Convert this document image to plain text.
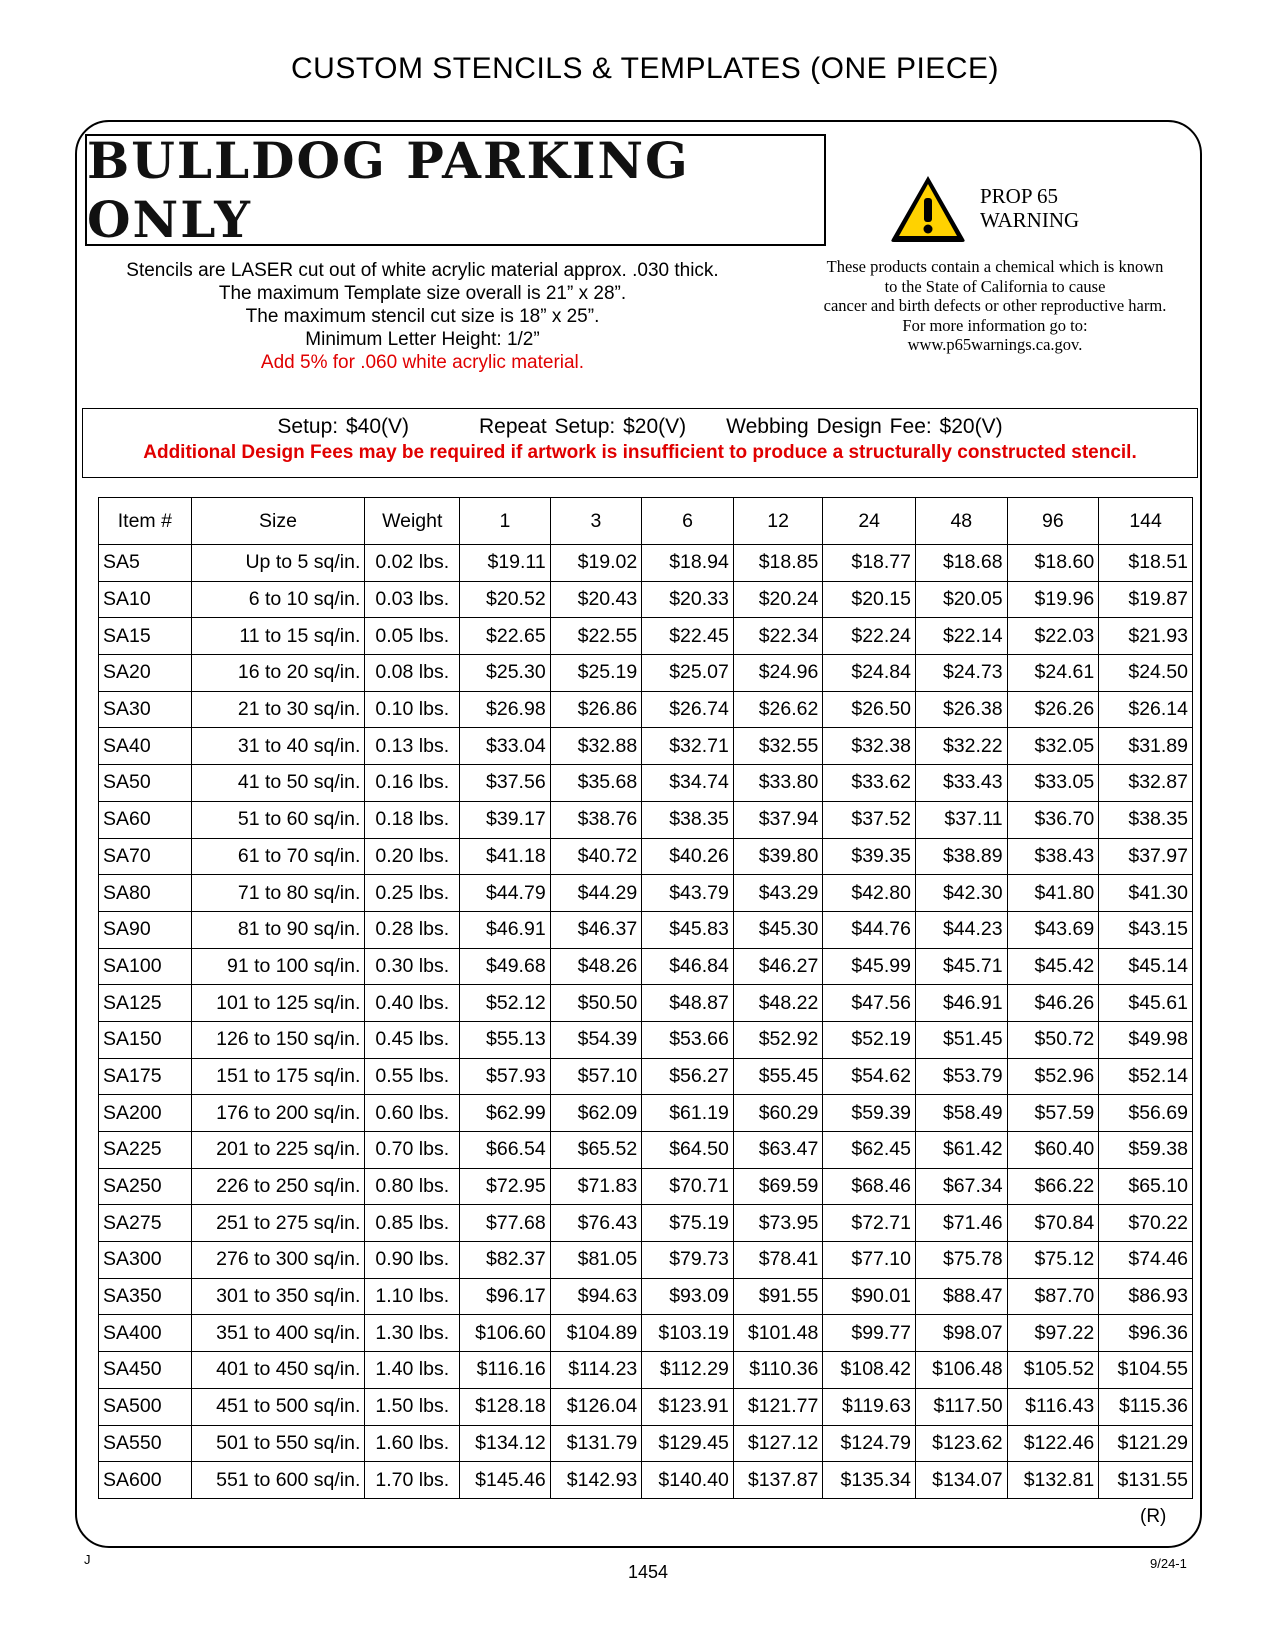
CUSTOM STENCILS & TEMPLATES (ONE PIECE)
BULLDOG PARKING ONLY	PROP 65
WARNING
These products contain a chemical which is known
to the State of California to cause
cancer and birth defects or other reproductive harm.
For more information go to:
www.p65warnings.ca.gov.
Stencils are LASER cut out of white acrylic material approx. .030 thick.
The maximum Template size overall is 21” x 28”.
The maximum stencil cut size is 18” x 25”.
Minimum Letter Height: 1/2”
Add 5% for .060 white acrylic material.
Setup: $40(V)	Repeat Setup: $20(V) Webbing Design Fee: $20(V)
Additional Design Fees may be required if artwork is insufficient to produce a structurally constructed stencil.
Item #	Size	Weight	1	3	6	12	24	48	96	144
SA5	Up to 5 sq/in.	0.02 lbs.	$19.11	$19.02	$18.94	$18.85	$18.77	$18.68	$18.60	$18.51
SA10	6 to 10 sq/in.	0.03 lbs.	$20.52	$20.43	$20.33	$20.24	$20.15	$20.05	$19.96	$19.87
SA15	11 to 15 sq/in.	0.05 lbs.	$22.65	$22.55	$22.45	$22.34	$22.24	$22.14	$22.03	$21.93
SA20	16 to 20 sq/in.	0.08 lbs.	$25.30	$25.19	$25.07	$24.96	$24.84	$24.73	$24.61	$24.50
SA30	21 to 30 sq/in.	0.10 lbs.	$26.98	$26.86	$26.74	$26.62	$26.50	$26.38	$26.26	$26.14
SA40	31 to 40 sq/in.	0.13 lbs.	$33.04	$32.88	$32.71	$32.55	$32.38	$32.22	$32.05	$31.89
SA50	41 to 50 sq/in.	0.16 lbs.	$37.56	$35.68	$34.74	$33.80	$33.62	$33.43	$33.05	$32.87
SA60	51 to 60 sq/in.	0.18 lbs.	$39.17	$38.76	$38.35	$37.94	$37.52	$37.11	$36.70	$38.35
SA70	61 to 70 sq/in.	0.20 lbs.	$41.18	$40.72	$40.26	$39.80	$39.35	$38.89	$38.43	$37.97
SA80	71 to 80 sq/in.	0.25 lbs.	$44.79	$44.29	$43.79	$43.29	$42.80	$42.30	$41.80	$41.30
SA90	81 to 90 sq/in.	0.28 lbs.	$46.91	$46.37	$45.83	$45.30	$44.76	$44.23	$43.69	$43.15
SA100	91 to 100 sq/in.	0.30 lbs.	$49.68	$48.26	$46.84	$46.27	$45.99	$45.71	$45.42	$45.14
SA125	101 to 125 sq/in.	0.40 lbs.	$52.12	$50.50	$48.87	$48.22	$47.56	$46.91	$46.26	$45.61
SA150	126 to 150 sq/in.	0.45 lbs.	$55.13	$54.39	$53.66	$52.92	$52.19	$51.45	$50.72	$49.98
SA175	151 to 175 sq/in.	0.55 lbs.	$57.93	$57.10	$56.27	$55.45	$54.62	$53.79	$52.96	$52.14
SA200	176 to 200 sq/in.	0.60 lbs.	$62.99	$62.09	$61.19	$60.29	$59.39	$58.49	$57.59	$56.69
SA225	201 to 225 sq/in.	0.70 lbs.	$66.54	$65.52	$64.50	$63.47	$62.45	$61.42	$60.40	$59.38
SA250	226 to 250 sq/in.	0.80 lbs.	$72.95	$71.83	$70.71	$69.59	$68.46	$67.34	$66.22	$65.10
SA275	251 to 275 sq/in.	0.85 lbs.	$77.68	$76.43	$75.19	$73.95	$72.71	$71.46	$70.84	$70.22
SA300	276 to 300 sq/in.	0.90 lbs.	$82.37	$81.05	$79.73	$78.41	$77.10	$75.78	$75.12	$74.46
SA350	301 to 350 sq/in.	1.10 lbs.	$96.17	$94.63	$93.09	$91.55	$90.01	$88.47	$87.70	$86.93
SA400	351 to 400 sq/in.	1.30 lbs.	$106.60	$104.89	$103.19	$101.48	$99.77	$98.07	$97.22	$96.36
SA450	401 to 450 sq/in.	1.40 lbs.	$116.16	$114.23	$112.29	$110.36	$108.42	$106.48	$105.52	$104.55
SA500	451 to 500 sq/in.	1.50 lbs.	$128.18	$126.04	$123.91	$121.77	$119.63	$117.50	$116.43	$115.36
SA550	501 to 550 sq/in.	1.60 lbs.	$134.12	$131.79	$129.45	$127.12	$124.79	$123.62	$122.46	$121.29
SA600	551 to 600 sq/in.	1.70 lbs.	$145.46	$142.93	$140.40	$137.87	$135.34	$134.07	$132.81	$131.55
(R)
J
1454	9/24-1
